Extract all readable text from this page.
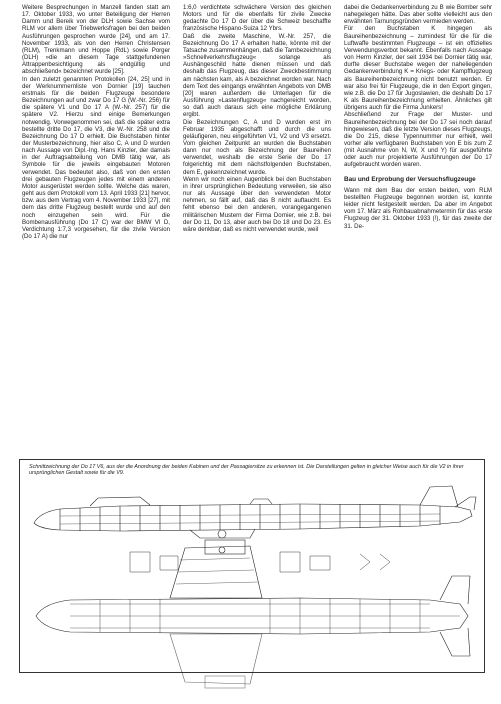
Weitere Besprechungen in Manzell fanden statt am 17. Oktober 1933, wo unter Beteiligung der Herren Damm und Bereik von der DLH sowie Sachse vom RLM vor allem über Triebwerksfragen bei den beiden Ausführungen gesprochen wurde [24], und am 17. November 1933, als von den Herren Christensen (RLM), Trenkmann und Hoppe (RdL) sowie Porger (DLH) »die an diesem Tage stattgefundenen Attrappenbesichtigung als endgültig und abschließend« bezeichnet wurde [25].

In den zuletzt genannten Protokollen [24, 25] und in der Werknummernliste von Dornier [19] tauchen erstmals für die beiden Flugzeuge besondere Bezeichnungen auf und zwar Do 17 G (W.-Nr. 256) für die spätere V1 und Do 17 A (W.-Nr. 257) für die spätere V2. Hierzu sind einige Bemerkungen notwendig. Vorwegenommen sei, daß die später extra bestellte dritte Do 17, die V3, die W.-Nr. 258 und die Bezeichnung Do 17 D erhielt. Die Buchstaben hinter der Musterbezeichnung, hier also C, A und D wurden nach Aussage von Dipl.-Ing. Hans Kinzler, der damals in der Auftragsabteilung von DMB tätig war, als Symbole für die jeweils eingebauten Motoren verwendet. Das bedeutet also, daß von den ersten drei gebauten Flugzeugen jedes mit einem anderen Motor ausgerüstet werden sollte. Welche das waren, geht aus dem Protokoll vom 13. April 1933 [21] hervor, bzw. aus dem Vertrag vom 4. November 1933 [27], mit dem das dritte Flugzeug bestellt wurde und auf den noch einzugehen sein wird. Für die Bombenausführung (Do 17 C) war der BMW VI D, Verdichtung 1:7,3 vorgesehen, für die zivile Version (Do 17 A) die nur

1:6,0 verdichtete schwächere Version des gleichen Motors und für die ebenfalls für zivile Zwecke gedachte Do 17 D der über die Schweiz beschaffte französische Hispano-Suiza 12 Ybrs.

Daß die zweite Maschine, W.-Nr. 257, die Bezeichnung Do 17 A erhalten hatte, könnte mit der Tatsache zusammenhängen, daß die Tarnbezeichnung »Schnellverkehrsflugzeug« solange als Aushängeschild hatte dienen müssen und daß deshalb das Flugzeug, das dieser Zweckbestimmung am nächsten kam, als A bezeichnet worden war. Nach dem Text des eingangs erwähnten Angebots von DMB [20] waren außerdem die Unterlagen für die Ausführung »Lastenflugzeug« nachgereicht worden, so daß auch daraus sich eine mögliche Erklärung ergibt.

Die Bezeichnungen C, A und D wurden erst im Februar 1935 abgeschafft und durch die uns geläufigeren, neu eingeführten V1, V2 und V3 ersetzt. Vom gleichen Zeitpunkt an wurden die Buchstaben dann nur noch als Bezeichnung der Baureihen verwendet, weshalb die erste Serie der Do 17 folgerichtig mit dem nächstfolgenden Buchstaben, dem E, gekennzeichnet wurde.

Wenn wir noch einen Augenblick bei den Buchstaben in ihrer ursprünglichen Bedeutung verweilen, sie also nur als Aussage über den verwendeten Motor nehmen, so fällt auf, daß das B nicht auftaucht. Es fehlt ebenso bei den anderen, vorangegangenen militärischen Mustern der Firma Dornier, wie z.B. bei der Do 11, Do 13, aber auch bei Do 18 und Do 23. Es wäre denkbar, daß es nicht verwendet wurde, weil

dabei die Gedankenverbindung zu B wie Bomber sehr nahegelegen hätte. Das aber sollte vielleicht aus den erwähnten Tarnungsgründen vermieden werden.

Für den Buchstaben K hingegen als Baureihenbezeichnung – zumindest für die für die Luftwaffe bestimmten Flugzeuge – ist ein offizielles Verwendungsverbot bekannt. Ebenfalls nach Aussage von Herrn Kinzler, der seit 1934 bei Dornier tätig war, durfte dieser Buchstabe wegen der naheliegenden Gedankenverbindung K = Kriegs- oder Kampfflugzeug als Baureihenbezeichnung nicht benutzt werden. Er war also frei für Flugzeuge, die in den Export gingen, wie z.B. die Do 17 für Jugoslawien, die deshalb Do 17 K als Baureihenbezeichnung erhielten. Ähnliches gilt übrigens auch für die Firma Junkers!

Abschließend zur Frage der Muster- und Baureihenbezeichnung bei der Do 17 sei noch darauf hingewiesen, daß die letzte Version dieses Flugzeugs, die Do 215, diese Typennummer nur erhielt, weil vorher alle verfügbaren Buchstaben von E bis zum Z (mit Ausnahme von N, W, X und Y) für ausgeführte oder auch nur projektierte Ausführungen der Do 17 aufgebraucht worden waren.

Bau und Erprobung der Versuchsflugzeuge

Wann mit dem Bau der ersten beiden, vom RLM bestellten Flugzeuge begonnen worden ist, konnte leider nicht festgestellt werden. Da aber im Angebot vom 17. März als Rohbauabnahmetermin für das erste Flugzeug der 31. Oktober 1933 (!), für das zweite der 31. De-

Schnittzeichnung der Do 17 V6, aus der die Anordnung der beiden Kabinen und der Passagiersitze zu erkennen ist. Die Darstellungen gelten in gleicher Weise auch für die V2 in ihrer ursprünglichen Gestalt sowie für die V9.
